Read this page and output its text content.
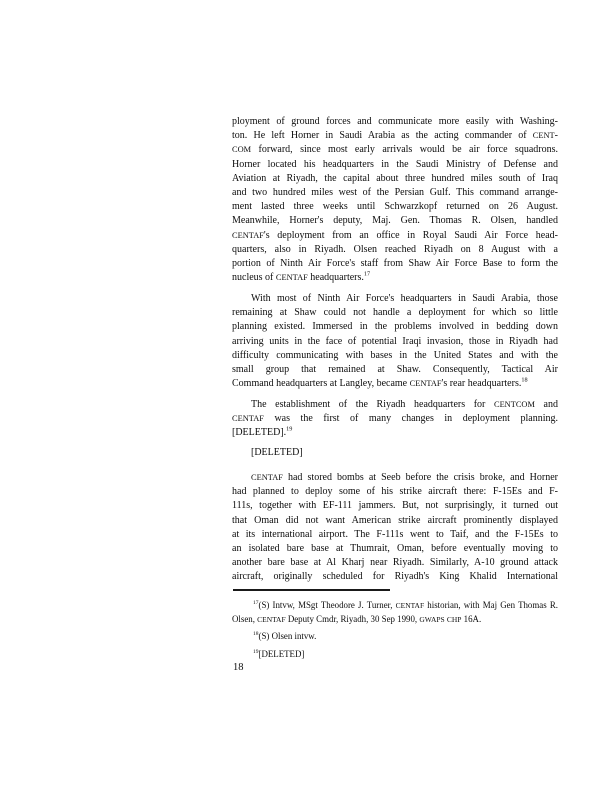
ployment of ground forces and communicate more easily with Washing-
ton. He left Horner in Saudi Arabia as the acting commander of CENT-
COM forward, since most early arrivals would be air force squadrons.
Horner located his headquarters in the Saudi Ministry of Defense and
Aviation at Riyadh, the capital about three hundred miles south of Iraq
and two hundred miles west of the Persian Gulf. This command arrange-
ment lasted three weeks until Schwarzkopf returned on 26 August.
Meanwhile, Horner's deputy, Maj. Gen. Thomas R. Olsen, handled
CENTAF's deployment from an office in Royal Saudi Air Force head-
quarters, also in Riyadh. Olsen reached Riyadh on 8 August with a
portion of Ninth Air Force's staff from Shaw Air Force Base to form the
nucleus of CENTAF headquarters.$^{17}$
With most of Ninth Air Force's headquarters in Saudi Arabia, those
remaining at Shaw could not handle a deployment for which so little
planning existed. Immersed in the problems involved in bedding down
arriving units in the face of potential Iraqi invasion, those in Riyadh had
difficulty communicating with bases in the United States and with the
small group that remained at Shaw. Consequently, Tactical Air
Command headquarters at Langley, became CENTAF's rear headquarters.$^{18}$
The establishment of the Riyadh headquarters for CENTCOM and
CENTAF was the first of many changes in deployment planning.
[DELETED].$^{19}$
[DELETED]
CENTAF had stored bombs at Seeb before the crisis broke, and Horner
had planned to deploy some of his strike aircraft there: F-15Es and F-
111s, together with EF-111 jammers. But, not surprisingly, it turned out
that Oman did not want American strike aircraft prominently displayed
at its international airport. The F-111s went to Taif, and the F-15Es to
an isolated bare base at Thumrait, Oman, before eventually moving to
another bare base at Al Kharj near Riyadh. Similarly, A-10 ground attack
aircraft, originally scheduled for Riyadh's King Khalid International
$^{17}$(S) Intvw, MSgt Theodore J. Turner, CENTAF historian, with Maj Gen Thomas R.
Olsen, CENTAF Deputy Cmdr, Riyadh, 30 Sep 1990, GWAPS CHP 16A.
$^{18}$(S) Olsen intvw.
$^{19}$[DELETED]
18
